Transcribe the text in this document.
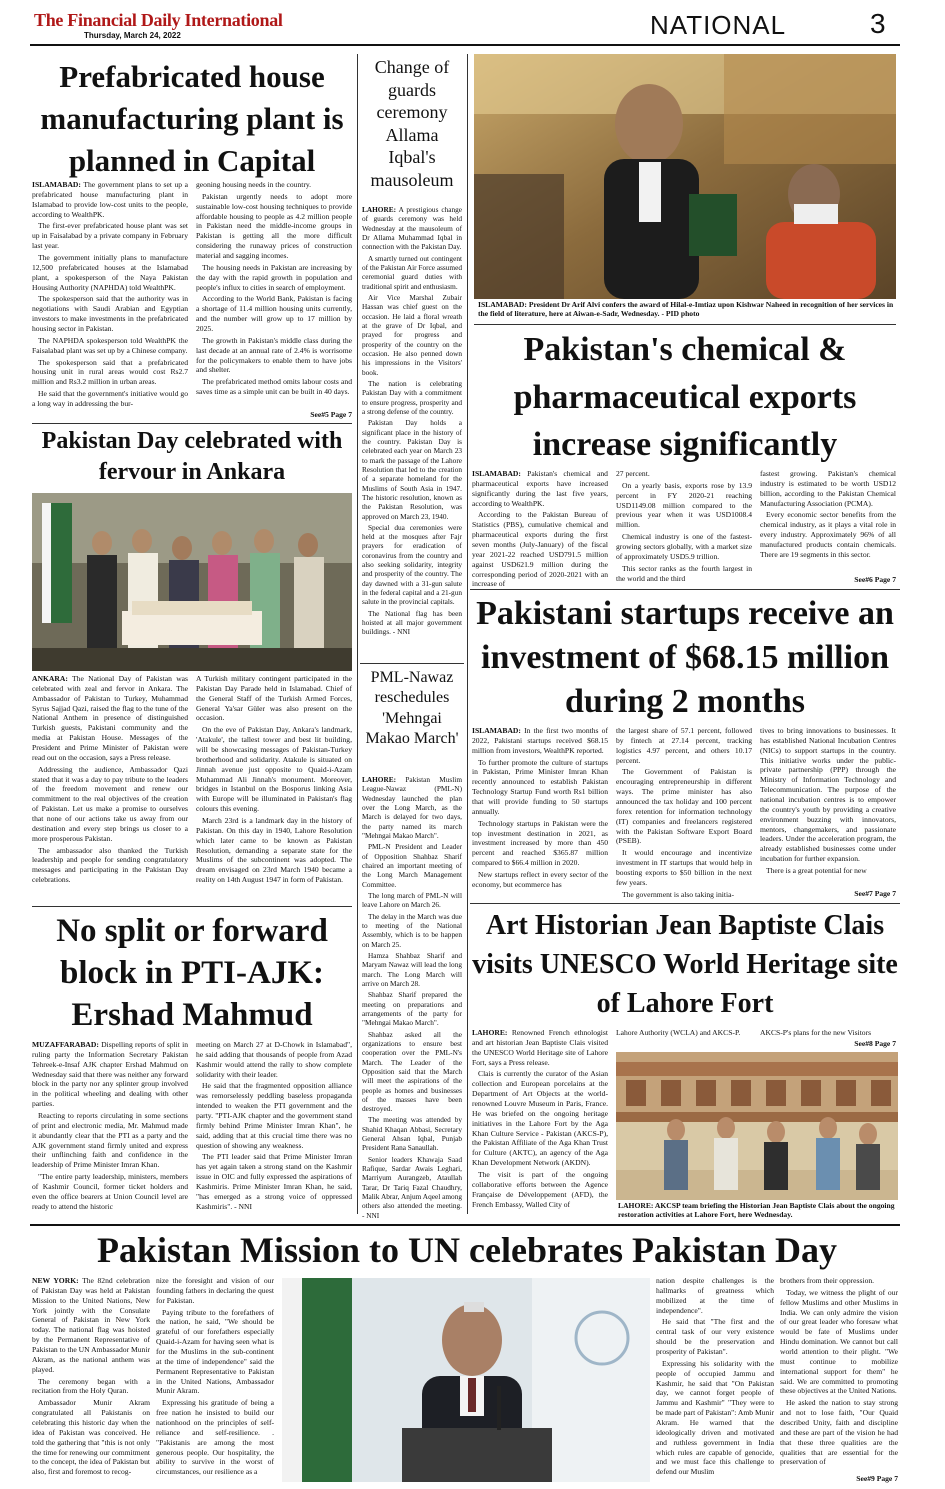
The Financial Daily International
Thursday, March 24, 2022	NATIONAL	3
Prefabricated house manufacturing plant is planned in Capital

ISLAMABAD: The government plans to set up a prefabricated house manufacturing plant in Islamabad to provide low-cost units to the people, according to WealthPK.

The first-ever prefabricated house plant was set up in Faisalabad by a private company in February last year.

The government initially plans to manufacture 12,500 prefabricated houses at the Islamabad plant, a spokesperson of the Naya Pakistan Housing Authority (NAPHDA) told WealthPK.

The spokesperson said that the authority was in negotiations with Saudi Arabian and Egyptian investors to make investments in the prefabricated housing sector in Pakistan.

The NAPHDA spokesperson told WealthPK the Faisalabad plant was set up by a Chinese company.

The spokesperson said that a prefabricated housing unit in rural areas would cost Rs2.7 million and Rs3.2 million in urban areas.

He said that the government's initiative would go a long way in addressing the bur-

geoning housing needs in the country.

Pakistan urgently needs to adopt more sustainable low-cost housing techniques to provide affordable housing to people as 4.2 million people in Pakistan need the middle-income groups in Pakistan is getting all the more difficult considering the runaway prices of construction material and sagging incomes.

The housing needs in Pakistan are increasing by the day with the rapid growth in population and people's influx to cities in search of employment.

According to the World Bank, Pakistan is facing a shortage of 11.4 million housing units currently, and the number will grow up to 17 million by 2025.

The growth in Pakistan's middle class during the last decade at an annual rate of 2.4% is worrisome for the policymakers to enable them to have jobs and shelter.

The prefabricated method omits labour costs and saves time as a simple unit can be built in 40 days.

See#5 Page 7
Change of guards ceremony Allama Iqbal's mausoleum

LAHORE: A prestigious change of guards ceremony was held Wednesday at the mausoleum of Dr Allama Muhammad Iqbal in connection with the Pakistan Day.

A smartly turned out contingent of the Pakistan Air Force assumed ceremonial guard duties with traditional spirit and enthusiasm.

Air Vice Marshal Zubair Hassan was chief guest on the occasion. He laid a floral wreath at the grave of Dr Iqbal, and prayed for progress and prosperity of the country on the occasion. He also penned down his impressions in the Visitors' book.

The nation is celebrating Pakistan Day with a commitment to ensure progress, prosperity and a strong defense of the country.

Pakistan Day holds a significant place in the history of the country. Pakistan Day is celebrated each year on March 23 to mark the passage of the Lahore Resolution that led to the creation of a separate homeland for the Muslims of South Asia in 1947. The historic resolution, known as the Pakistan Resolution, was approved on March 23, 1940.

Special dua ceremonies were held at the mosques after Fajr prayers for eradication of coronavirus from the country and also seeking solidarity, integrity and prosperity of the country. The day dawned with a 31-gun salute in the federal capital and a 21-gun salute in the provincial capitals.

The National flag has been hoisted at all major government buildings. - NNI

ISLAMABAD: President Dr Arif Alvi confers the award of Hilal-e-Imtiaz upon Kishwar Naheed in recognition of her services in the field of literature, here at Aiwan-e-Sadr, Wednesday. - PID photo
Pakistan's chemical & pharmaceutical exports increase significantly

ISLAMABAD: Pakistan's chemical and pharmaceutical exports have increased significantly during the last five years, according to WealthPK.

According to the Pakistan Bureau of Statistics (PBS), cumulative chemical and pharmaceutical exports during the first seven months (July-January) of the fiscal year 2021-22 reached USD791.5 million against USD621.9 million during the corresponding period of 2020-2021 with an increase of

27 percent.

On a yearly basis, exports rose by 13.9 percent in FY 2020-21 reaching USD1149.08 million compared to the previous year when it was USD1008.4 million.

Chemical industry is one of the fastest-growing sectors globally, with a market size of approximately USD5.9 trillion.

This sector ranks as the fourth largest in the world and the third

fastest growing. Pakistan's chemical industry is estimated to be worth USD12 billion, according to the Pakistan Chemical Manufacturing Association (PCMA).

Every economic sector benefits from the chemical industry, as it plays a vital role in every industry. Approximately 96% of all manufactured products contain chemicals. There are 19 segments in this sector.

See#6 Page 7
Pakistan Day celebrated with fervour in Ankara

ANKARA: The National Day of Pakistan was celebrated with zeal and fervor in Ankara. The Ambassador of Pakistan to Turkey, Muhammad Syrus Sajjad Qazi, raised the flag to the tune of the National Anthem in presence of distinguished Turkish guests, Pakistani community and the media at Pakistan House. Messages of the President and Prime Minister of Pakistan were read out on the occasion, says a Press release.

Addressing the audience, Ambassador Qazi stated that it was a day to pay tribute to the leaders of the freedom movement and renew our commitment to the real objectives of the creation of Pakistan. Let us make a promise to ourselves that none of our actions take us away from our destination and every step brings us closer to a more prosperous Pakistan.

The ambassador also thanked the Turkish leadership and people for sending congratulatory messages and participating in the Pakistan Day celebrations.

A Turkish military contingent participated in the Pakistan Day Parade held in Islamabad. Chief of the General Staff of the Turkish Armed Forces, General Ya'sar Güler was also present on the occasion.

On the eve of Pakistan Day, Ankara's landmark, 'Atakule', the tallest tower and best lit building, will be showcasing messages of Pakistan-Turkey brotherhood and solidarity. Atakule is situated on Jinnah avenue just opposite to Quaid-i-Azam Muhammad Ali Jinnah's monument. Moreover, bridges in Istanbul on the Bosporus linking Asia with Europe will be illuminated in Pakistan's flag colours this evening.

March 23rd is a landmark day in the history of Pakistan. On this day in 1940, Lahore Resolution which later came to be known as Pakistan Resolution, demanding a separate state for the Muslims of the subcontinent was adopted. The dream envisaged on 23rd March 1940 became a reality on 14th August 1947 in form of Pakistan.

PML-Nawaz reschedules 'Mehngai Makao March'

LAHORE: Pakistan Muslim League-Nawaz (PML-N) Wednesday launched the plan over the Long March, as the March is delayed for two days, the party named its march "Mehngai Makao March".

PML-N President and Leader of Opposition Shahbaz Sharif chaired an important meeting of the Long March Management Committee.

The long march of PML-N will leave Lahore on March 26.

The delay in the March was due to meeting of the National Assembly, which is to be happen on March 25.

Hamza Shahbaz Sharif and Maryam Nawaz will lead the long march. The Long March will arrive on March 28.

Shahbaz Sharif prepared the meeting on preparations and arrangements of the party for "Mehngai Makao March".

Shahbaz asked all the organizations to ensure best cooperation over the PML-N's March. The Leader of the Opposition said that the March will meet the aspirations of the people as homes and businesses of the masses have been destroyed.

The meeting was attended by Shahid Khaqan Abbasi, Secretary General Ahsan Iqbal, Punjab President Rana Sanaullah.

Senior leaders Khawaja Saad Rafique, Sardar Awais Leghari, Marriyum Aurangzeb, Ataullah Tarar, Dr Tariq Fazal Chaudhry, Malik Abrar, Anjum Aqeel among others also attended the meeting. - NNI

Pakistani startups receive an investment of $68.15 million during 2 months

ISLAMABAD: In the first two months of 2022, Pakistani startups received $68.15 million from investors, WealthPK reported.

To further promote the culture of startups in Pakistan, Prime Minister Imran Khan recently announced to establish Pakistan Technology Startup Fund worth Rs1 billion that will provide funding to 50 startups annually.

Technology startups in Pakistan were the top investment destination in 2021, as investment increased by more than 450 percent and reached $365.87 million compared to $66.4 million in 2020.

New startups reflect in every sector of the economy, but ecommerce has

the largest share of 57.1 percent, followed by fintech at 27.14 percent, tracking logistics 4.97 percent, and others 10.17 percent.

The Government of Pakistan is encouraging entrepreneurship in different ways. The prime minister has also announced the tax holiday and 100 percent forex retention for information technology (IT) companies and freelancers registered with the Pakistan Software Export Board (PSEB).

It would encourage and incentivize investment in IT startups that would help in boosting exports to $50 billion in the next few years.

The government is also taking initia-

tives to bring innovations to businesses. It has established National Incubation Centres (NICs) to support startups in the country. This initiative works under the public-private partnership (PPP) through the Ministry of Information Technology and Telecommunication. The purpose of the national incubation centres is to empower the country's youth by providing a creative environment buzzing with innovators, mentors, changemakers, and passionate leaders. Under the acceleration program, the already established businesses come under incubation for further expansion.

There is a great potential for new

See#7 Page 7
No split or forward block in PTI-AJK: Ershad Mahmud

MUZAFFARABAD: Dispelling reports of split in ruling party the Information Secretary Pakistan Tehreek-e-Insaf AJK chapter Ershad Mahmud on Wednesday said that there was neither any forward block in the party nor any splinter group involved in the political wheeling and dealing with other parties.

Reacting to reports circulating in some sections of print and electronic media, Mr. Mahmud made it abundantly clear that the PTI as a party and the AJK government stand firmly united and express their unflinching faith and confidence in the leadership of Prime Minister Imran Khan.

"The entire party leadership, ministers, members of Kashmir Council, former ticket holders and even the office bearers at Union Council level are ready to attend the historic

meeting on March 27 at D-Chowk in Islamabad", he said adding that thousands of people from Azad Kashmir would attend the rally to show complete solidarity with their leader.

He said that the fragmented opposition alliance was remorselessly peddling baseless propaganda intended to weaken the PTI government and the party. "PTI-AJK chapter and the government stand firmly behind Prime Minister Imran Khan", he said, adding that at this crucial time there was no question of showing any weakness.

The PTI leader said that Prime Minister Imran has yet again taken a strong stand on the Kashmir issue in OIC and fully expressed the aspirations of Kashmiris. Prime Minister Imran Khan, he said, "has emerged as a strong voice of oppressed Kashmiris". - NNI

Art Historian Jean Baptiste Clais visits UNESCO World Heritage site of Lahore Fort

LAHORE: Renowned French ethnologist and art historian Jean Baptiste Clais visited the UNESCO World Heritage site of Lahore Fort, says a Press release.

Clais is currently the curator of the Asian collection and European porcelains at the Department of Art Objects at the world-renowned Louvre Museum in Paris, France. He was briefed on the ongoing heritage initiatives in the Lahore Fort by the Aga Khan Culture Service - Pakistan (AKCS-P), the Pakistan Affiliate of the Aga Khan Trust for Culture (AKTC), an agency of the Aga Khan Development Network (AKDN).

The visit is part of the ongoing collaborative efforts between the Agence Française de Développement (AFD), the French Embassy, Walled City of

Lahore Authority (WCLA) and AKCS-P.	AKCS-P's plans for the new Visitors

See#8 Page 7
LAHORE: AKCSP team briefing the Historian Jean Baptiste Clais about the ongoing restoration activities at Lahore Fort, here Wednesday.
Pakistan Mission to UN celebrates Pakistan Day

NEW YORK: The 82nd celebration of Pakistan Day was held at Pakistan Mission to the United Nations, New York jointly with the Consulate General of Pakistan in New York today. The national flag was hoisted by the Permanent Representative of Pakistan to the UN Ambassador Munir Akram, as the national anthem was played.

The ceremony began with a recitation from the Holy Quran.

Ambassador Munir Akram congratulated all Pakistanis on celebrating this historic day when the idea of Pakistan was conceived. He told the gathering that "this is not only the time for renewing our commitment to the concept, the idea of Pakistan but also, first and foremost to recog-

nize the foresight and vision of our founding fathers in declaring the quest for Pakistan.

Paying tribute to the forefathers of the nation, he said, "We should be grateful of our forefathers especially Quaid-i-Azam for having seen what is for the Muslims in the sub-continent at the time of independence" said the Permanent Representative to Pakistan in the United Nations, Ambassador Munir Akram.

Expressing his gratitude of being a free nation he insisted to build our nationhood on the principles of self-reliance and self-resilience. . "Pakistanis are among the most generous people. Our hospitality, the ability to survive in the worst of circumstances, our resilience as a

nation despite challenges is the hallmarks of greatness which mobilized at the time of independence".

He said that "The first and the central task of our very existence should be the preservation and prosperity of Pakistan".

Expressing his solidarity with the people of occupied Jammu and Kashmir, he said that "On Pakistan day, we cannot forget people of Jammu and Kashmir" "They were to be made part of Pakistan": Amb Munir Akram. He warned that the ideologically driven and motivated and ruthless government in India which rules are capable of genocide, and we must face this challenge to defend our Muslim

brothers from their oppression.

Today, we witness the plight of our fellow Muslims and other Muslims in India. We can only admire the vision of our great leader who foresaw what would be fate of Muslims under Hindu domination. We cannot but call world attention to their plight. "We must continue to mobilize international support for them" he said. We are committed to promoting these objectives at the United Nations.

He asked the nation to stay strong and not to lose faith, "Our Quaid described Unity, faith and discipline and these are part of the vision he had that these three qualities are the qualities that are essential for the preservation of

See#9 Page 7
